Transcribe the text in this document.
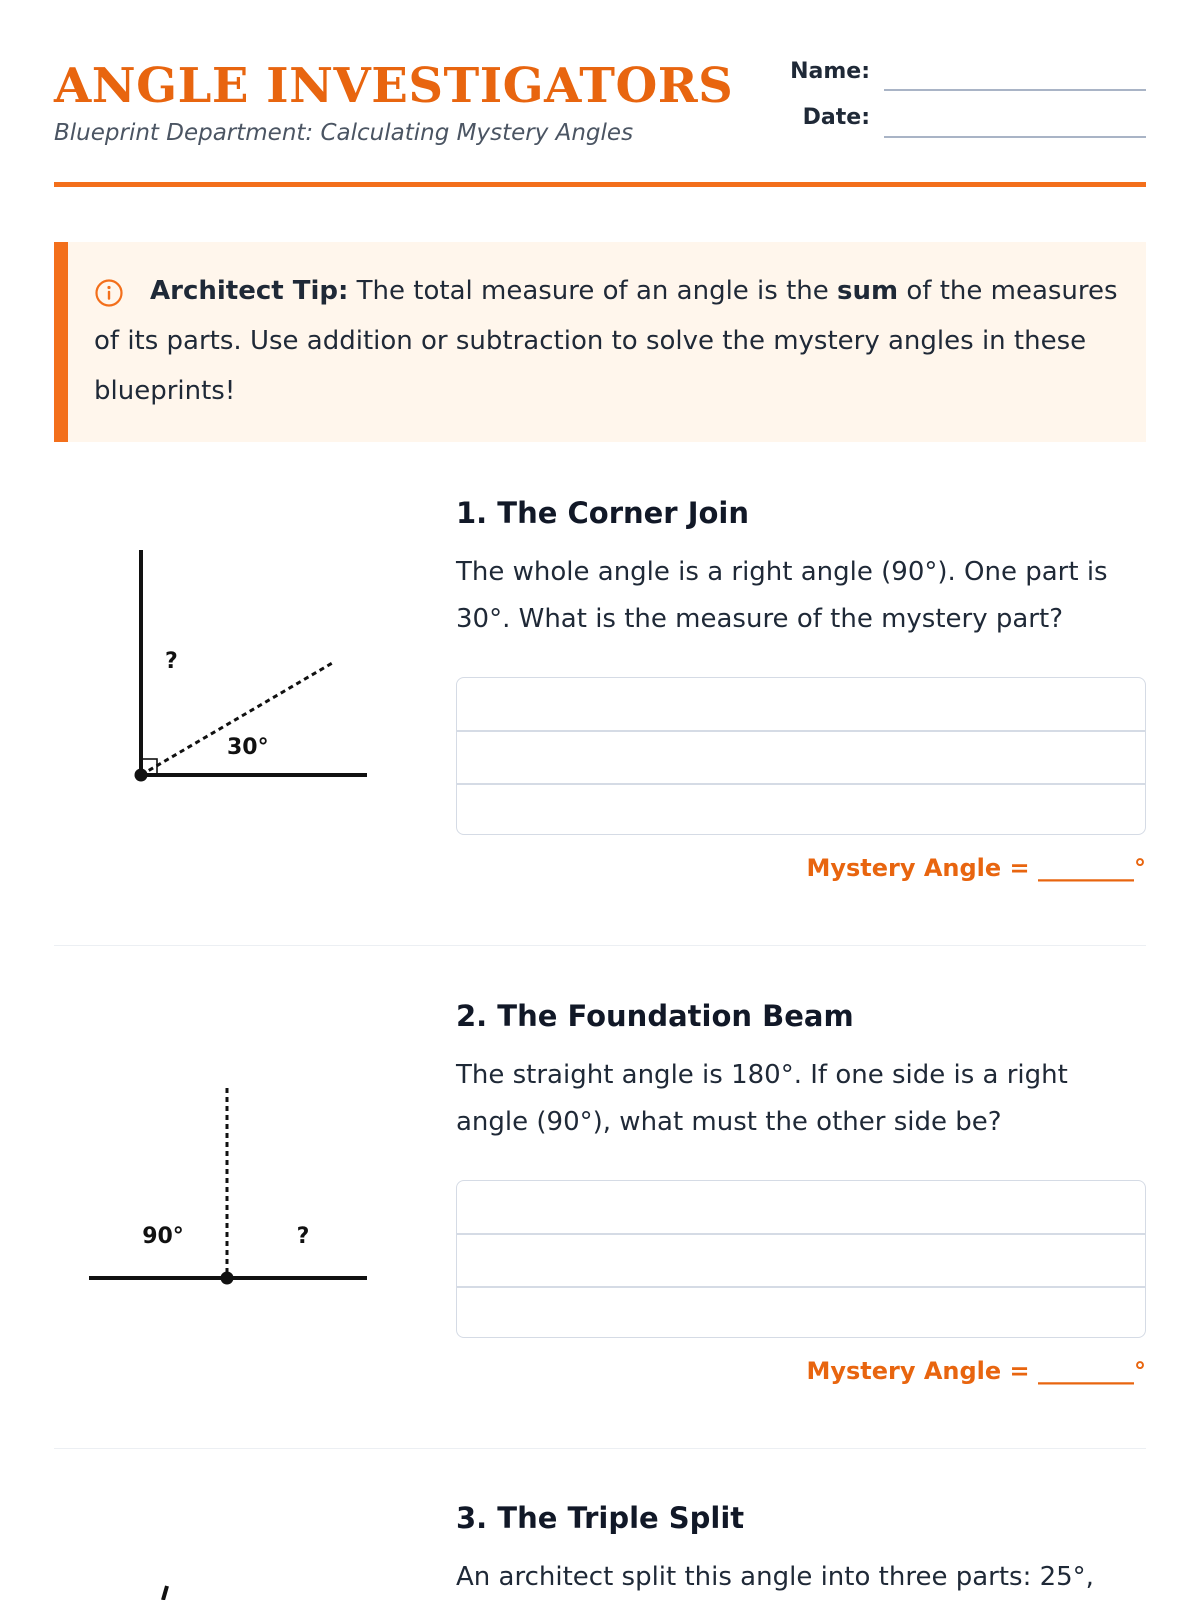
ANGLE INVESTIGATORS
Blueprint Department: Calculating Mystery Angles
Name:
Date:
Architect Tip: The total measure of an angle is the sum of the measures of its parts. Use addition or subtraction to solve the mystery angles in these blueprints!
?
30°
1. The Corner Join
The whole angle is a right angle (90°). One part is 30°. What is the measure of the mystery part?
Mystery Angle = ________°
90°	?
2. The Foundation Beam
The straight angle is 180°. If one side is a right angle (90°), what must the other side be?
Mystery Angle = ________°
3. The Triple Split
An architect split this angle into three parts: 25°,
